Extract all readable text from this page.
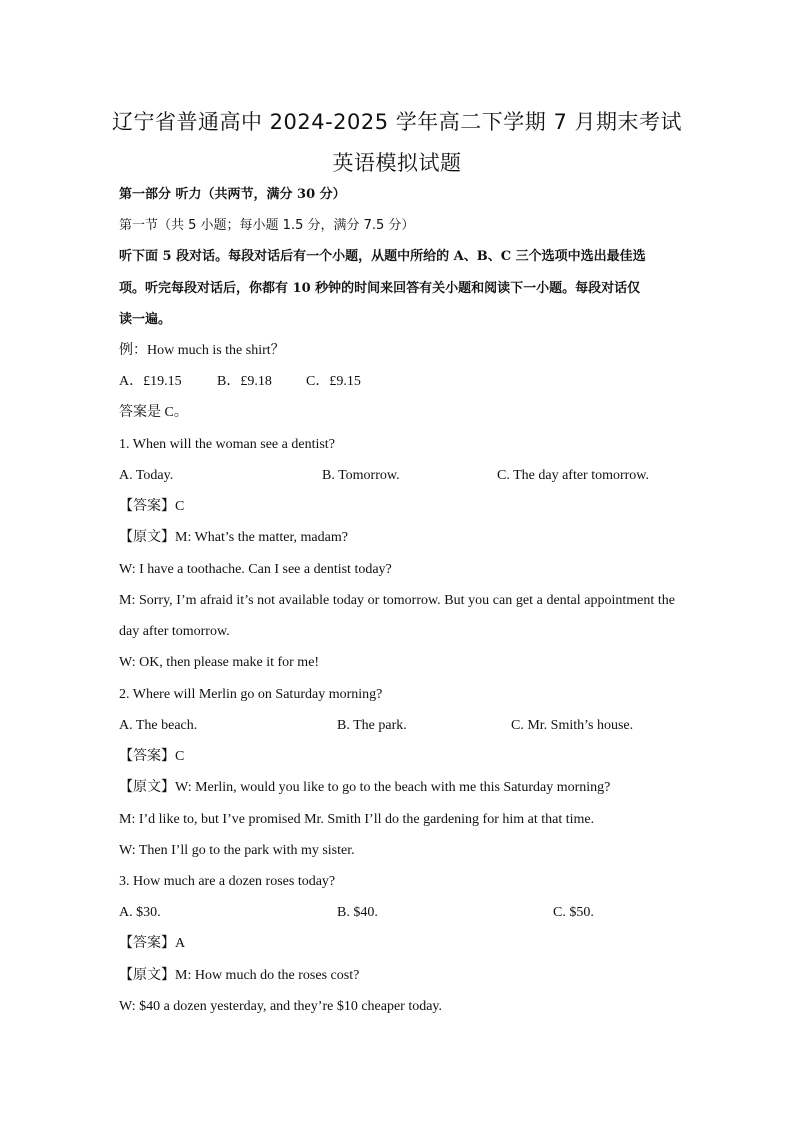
辽宁省普通高中 2024-2025 学年高二下学期 7 月期末考试
英语模拟试题
第一部分 听力（共两节，满分 30 分）
第一节（共 5 小题；每小题 1.5 分，满分 7.5 分）
听下面 5 段对话。每段对话后有一个小题，从题中所给的 A、B、C 三个选项中选出最佳选
项。听完每段对话后，你都有 10 秒钟的时间来回答有关小题和阅读下一小题。每段对话仅
读一遍。
例：How much is the shirt？
A．£19.15	B．£9.18 C．£9.15
答案是 C。
1. When will the woman see a dentist?
A. Today.	B. Tomorrow.	C. The day after tomorrow.
【答案】C
【原文】M: What’s the matter, madam?
W: I have a toothache. Can I see a dentist today?
M: Sorry, I’m afraid it’s not available today or tomorrow. But you can get a dental appointment the
day after tomorrow.
W: OK, then please make it for me!
2. Where will Merlin go on Saturday morning?
A. The beach.	B. The park.	C. Mr. Smith’s house.
【答案】C
【原文】W: Merlin, would you like to go to the beach with me this Saturday morning?
M: I’d like to, but I’ve promised Mr. Smith I’ll do the gardening for him at that time.
W: Then I’ll go to the park with my sister.
3. How much are a dozen roses today?
A. $30.	B. $40.	C. $50.
【答案】A
【原文】M: How much do the roses cost?
W: $40 a dozen yesterday, and they’re $10 cheaper today.
